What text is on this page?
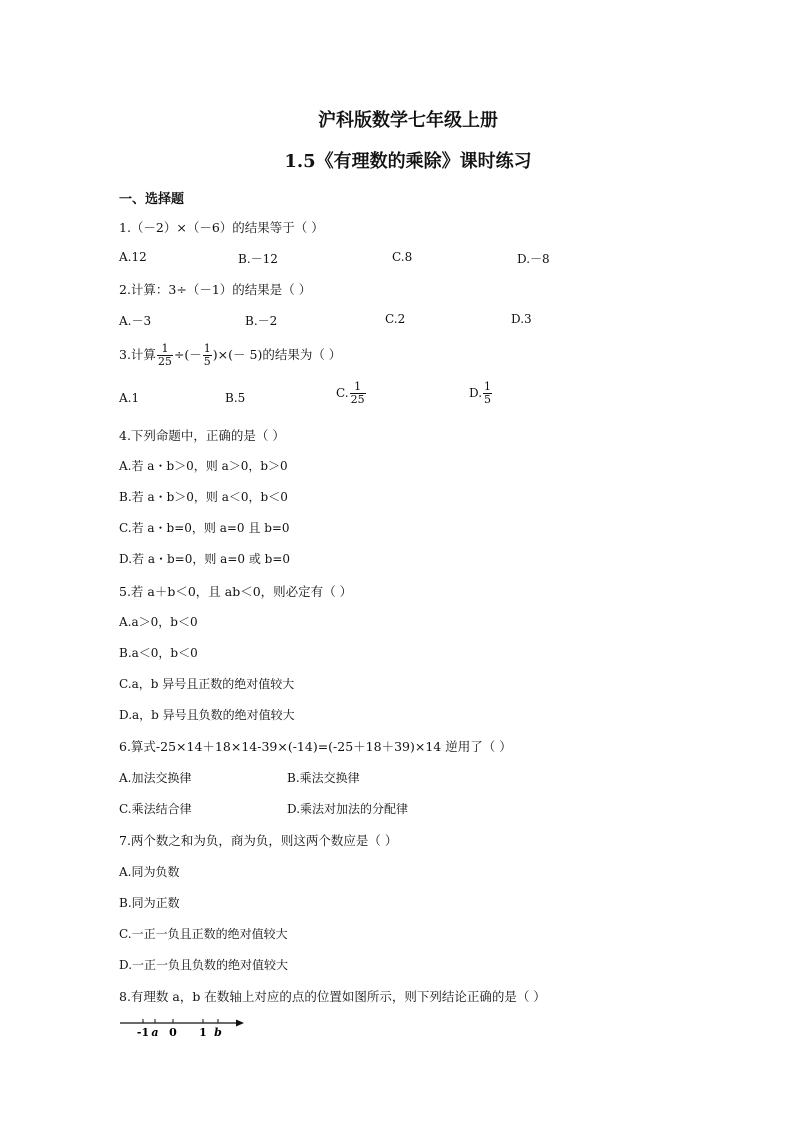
沪科版数学七年级上册
1.5《有理数的乘除》课时练习
一、选择题
1.（－2）×（－6）的结果等于（ ）
A.12	B.－12	C.8	D.－8
2.计算：3÷（－1）的结果是（ ）
A.－3	B.－2	C.2	D.3
3.计算 $\frac{1}{25}$ ÷(－ $\frac{1}{5}$ )×(－ 5)的结果为（ ）
A.1	B.5	C. $\frac{1}{25}$	D. $\frac{1}{5}$
4.下列命题中，正确的是（ ）
A.若 a・b＞0，则 a＞0，b＞0
B.若 a・b＞0，则 a＜0，b＜0
C.若 a・b=0，则 a=0 且 b=0
D.若 a・b=0，则 a=0 或 b=0
5.若 a＋b＜0，且 ab＜0，则必定有（ ）
A.a＞0，b＜0
B.a＜0，b＜0
C.a，b 异号且正数的绝对值较大
D.a，b 异号且负数的绝对值较大
6.算式-25×14＋18×14-39×(-14)=(-25＋18＋39)×14 逆用了（ ）
A.加法交换律	B.乘法交换律
C.乘法结合律	D.乘法对加法的分配律
7.两个数之和为负，商为负，则这两个数应是（ ）
A.同为负数
B.同为正数
C.一正一负且正数的绝对值较大
D.一正一负且负数的绝对值较大
8.有理数 a，b 在数轴上对应的点的位置如图所示，则下列结论正确的是（ ）
-1 a 0 1 b
